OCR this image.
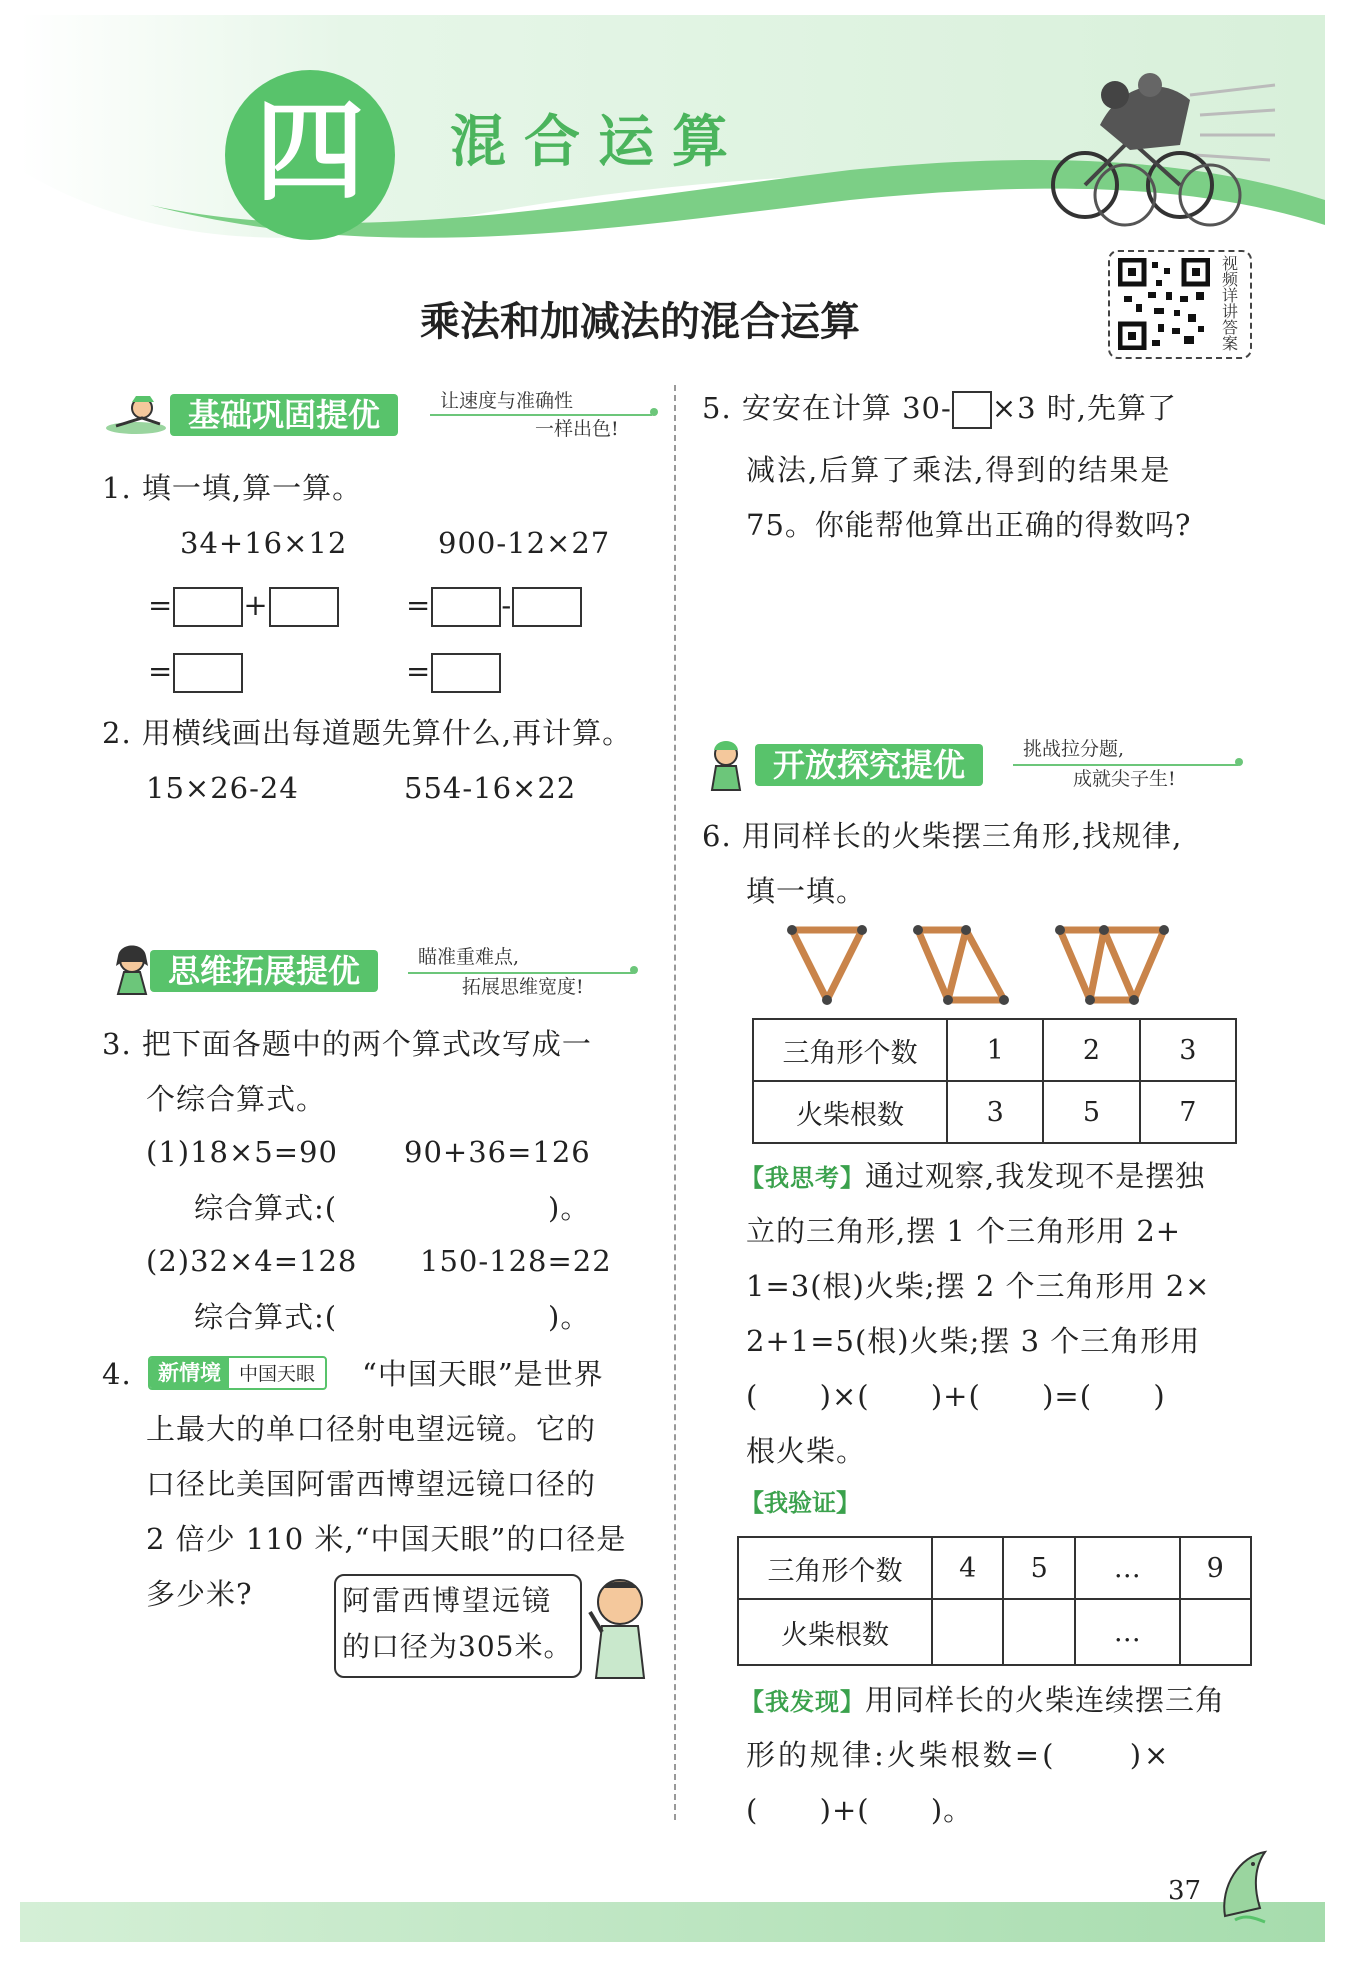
四	混合运算
视频详讲答案
乘法和加减法的混合运算
基础巩固提优	让速度与准确性
一样出色!
1. 填一填,算一算。
34+16×12	900-12×27
= +	= -
=	=
2. 用横线画出每道题先算什么,再计算。
15×26-24	554-16×22
思维拓展提优	瞄准重难点,
拓展思维宽度!
3. 把下面各题中的两个算式改写成一
个综合算式。
(1)18×5=90 90+36=126
综合算式:(	)。
(2)32×4=128 150-128=22
综合算式:(	)。
4.	新情境 中国天眼	“中国天眼”是世界
上最大的单口径射电望远镜。它的
口径比美国阿雷西博望远镜口径的
2 倍少 110 米,“中国天眼”的口径是
多少米?	阿雷西博望远镜
的口径为305米。
5. 安安在计算 30- ×3 时,先算了
减法,后算了乘法,得到的结果是
75。你能帮他算出正确的得数吗?
开放探究提优	挑战拉分题,
成就尖子生!
6. 用同样长的火柴摆三角形,找规律,
填一填。
三角形个数	1	2	3
火柴根数	3	5	7
【我思考】通过观察,我发现不是摆独
立的三角形,摆 1 个三角形用 2+
1=3(根)火柴;摆 2 个三角形用 2×
2+1=5(根)火柴;摆 3 个三角形用
(      )×(      )+(      )=(      )
根火柴。
【我验证】
三角形个数	4	5	…	9
火柴根数			…	
【我发现】用同样长的火柴连续摆三角
形的规律:火柴根数=(      )×
(      )+(      )。
37
